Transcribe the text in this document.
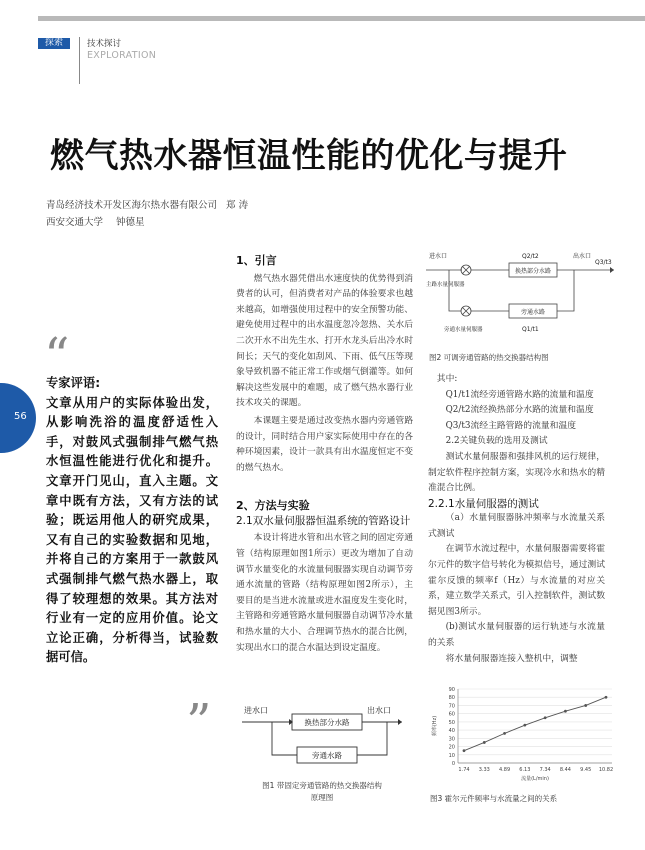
探索	技术探讨
EXPLORATION
燃气热水器恒温性能的优化与提升
青岛经济技术开发区海尔热水器有限公司 郑 涛
西安交通大学 钟德星
56
“
专家评语:
文章从用户的实际体验出发，从影响洗浴的温度舒适性入手，对鼓风式强制排气燃气热水恒温性能进行优化和提升。文章开门见山，直入主题。文章中既有方法，又有方法的试验；既运用他人的研究成果，又有自己的实验数据和见地，并将自己的方案用于一款鼓风式强制排气燃气热水器上，取得了较理想的效果。其方法对行业有一定的应用价值。论文立论正确，分析得当，试验数据可信。
”
1、引言

燃气热水器凭借出水速度快的优势得到消费者的认可，但消费者对产品的体验要求也越来越高，如增强使用过程中的安全预警功能、避免使用过程中的出水温度忽冷忽热、关水后二次开水不出先生水、打开水龙头后出冷水时间长；天气的变化如刮风、下雨、低气压等现象导致机器不能正常工作或烟气倒灌等。如何解决这些发展中的难题，成了燃气热水器行业技术攻关的课题。

本课题主要是通过改变热水器内旁通管路的设计，同时结合用户家实际使用中存在的各种环境因素，设计一款具有出水温度恒定不变的燃气热水。

2、方法与实验
2.1双水量伺服器恒温系统的管路设计

本设计将进水管和出水管之间的固定旁通管（结构原理如图1所示）更改为增加了自动调节水量变化的水流量伺服器实现自动调节旁通水流量的管路（结构原理如图2所示），主要目的是当进水流量或进水温度发生变化时，主管路和旁通管路水量伺服器自动调节冷水量和热水量的大小、合理调节热水的混合比例，实现出水口的混合水温达到设定温度。

进水口	出水口
换热部分水路
旁通水路
图1 带固定旁通管路的热交换器结构
原理图
进水口
主路水量伺服器
Q2/t2
换热部分水路
出水口
Q3/t3
旁通水路
旁通水量伺服器	Q1/t1
图2 可调旁通管路的热交换器结构图

其中:

Q1/t1流经旁通管路水路的流量和温度

Q2/t2流经换热部分水路的流量和温度

Q3/t3流经主路管路的流量和温度

2.2关键负载的选用及测试

测试水量伺服器和强排风机的运行规律，制定软件程序控制方案，实现冷水和热水的精准混合比例。

2.2.1水量伺服器的测试

（a）水量伺服器脉冲频率与水流量关系式测试

在调节水流过程中，水量伺服器需要将霍尔元件的数字信号转化为模拟信号，通过测试霍尔反馈的频率f（Hz）与水流量的对应关系，建立数学关系式，引入控制软件，测试数据见图3所示。

(b)测试水量伺服器的运行轨迹与水流量的关系

将水量伺服器连接入整机中，调整

0
10
20
30
40
50
60
70
80
90
1.74 3.33 4.89 6.13 7.34 8.44 9.45 10.82
流量(L/min)
频率(Hz)
图3 霍尔元件频率与水流量之间的关系
